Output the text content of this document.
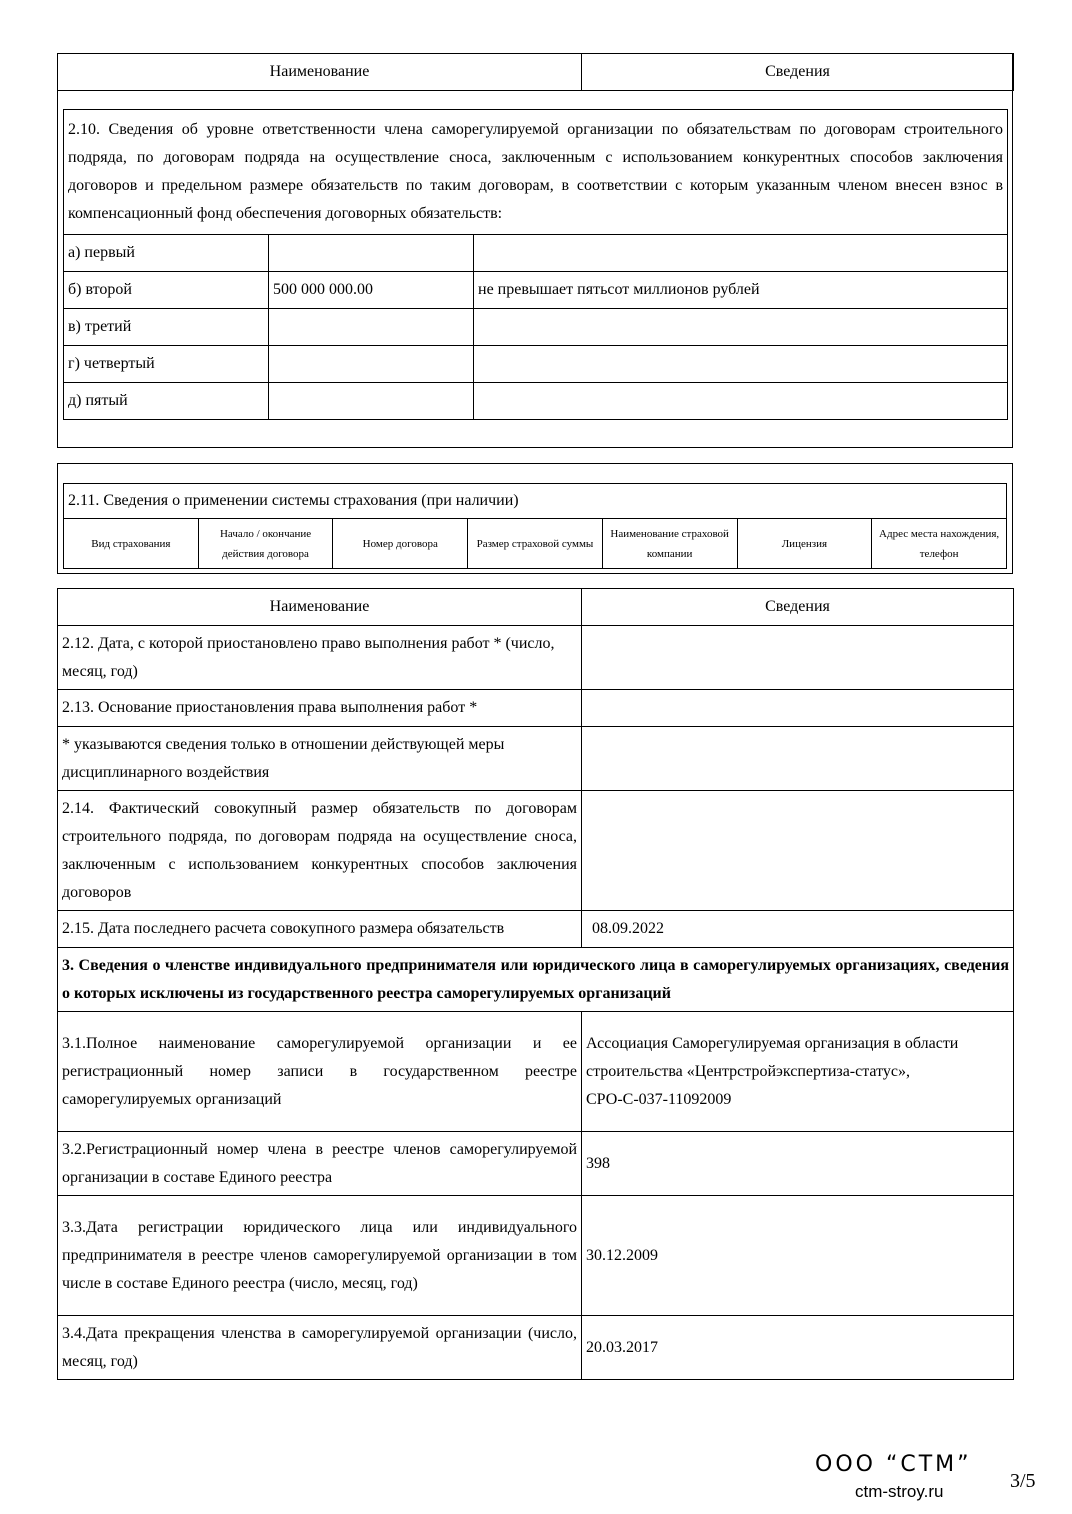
Наименование	Сведения
2.10. Сведения об уровне ответственности члена саморегулируемой организации по обязательствам по договорам строительного подряда, по договорам подряда на осуществление сноса, заключенным с использованием конкурентных способов заключения договоров и предельном размере обязательств по таким договорам, в соответствии с которым указанным членом внесен взнос в компенсационный фонд обеспечения договорных обязательств:		
а) первый		
б) второй	500 000 000.00	не превышает пятьсот миллионов рублей
в) третий		
г) четвертый		
д) пятый		
2.11. Сведения о применении системы страхования (при наличии)
Вид страхования	Начало / окончание действия договора	Номер договора	Размер страховой суммы	Наименование страховой компании	Лицензия	Адрес места нахождения, телефон
Наименование	Сведения
2.12. Дата, с которой приостановлено право выполнения работ * (число, месяц, год)	
2.13. Основание приостановления права выполнения работ *	
* указываются сведения только в отношении действующей меры дисциплинарного воздействия	
2.14. Фактический совокупный размер обязательств по договорам строительного подряда, по договорам подряда на осуществление сноса, заключенным с использованием конкурентных способов заключения договоров	
2.15. Дата последнего расчета совокупного размера обязательств	08.09.2022
3. Сведения о членстве индивидуального предпринимателя или юридического лица в саморегулируемых организациях, сведения о которых исключены из государственного реестра саморегулируемых организаций	
3.1.Полное наименование саморегулируемой организации и ее регистрационный номер записи в государственном реестре саморегулируемых организаций	Ассоциация Саморегулируемая организация в области строительства «Центрстройэкспертиза-статус»,
СРО-С-037-11092009

3.2.Регистрационный номер члена в реестре членов саморегулируемой организации в составе Единого реестра	398
3.3.Дата регистрации юридического лица или индивидуального предпринимателя в реестре членов саморегулируемой организации в том числе в составе Единого реестра (число, месяц, год)	30.12.2009
3.4.Дата прекращения членства в саморегулируемой организации (число, месяц, год)	20.03.2017
ООО “СТМ”
ctm-stroy.ru	3/5
